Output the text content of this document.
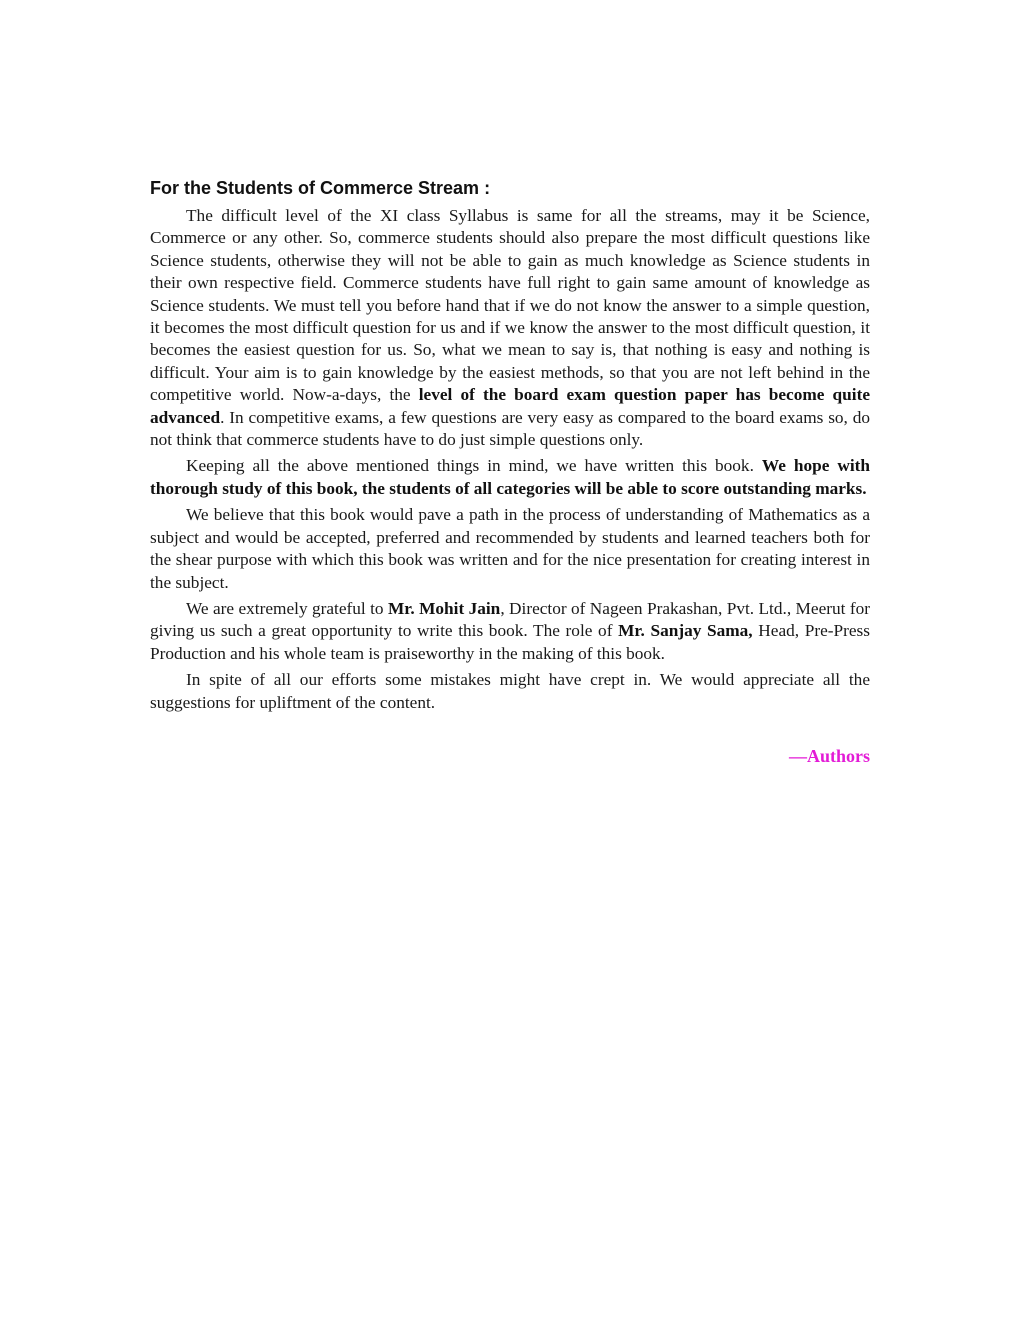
For the Students of Commerce Stream :

The difficult level of the XI class Syllabus is same for all the streams, may it be Science, Commerce or any other. So, commerce students should also prepare the most difficult questions like Science students, otherwise they will not be able to gain as much knowledge as Science students in their own respective field. Commerce students have full right to gain same amount of knowledge as Science students. We must tell you before hand that if we do not know the answer to a simple question, it becomes the most difficult question for us and if we know the answer to the most difficult question, it becomes the easiest question for us. So, what we mean to say is, that nothing is easy and nothing is difficult. Your aim is to gain knowledge by the easiest methods, so that you are not left behind in the competitive world. Now-a-days, the level of the board exam question paper has become quite advanced. In competitive exams, a few questions are very easy as compared to the board exams so, do not think that commerce students have to do just simple questions only.

Keeping all the above mentioned things in mind, we have written this book. We hope with thorough study of this book, the students of all categories will be able to score outstanding marks.

We believe that this book would pave a path in the process of understanding of Mathematics as a subject and would be accepted, preferred and recommended by students and learned teachers both for the shear purpose with which this book was written and for the nice presentation for creating interest in the subject.

We are extremely grateful to Mr. Mohit Jain, Director of Nageen Prakashan, Pvt. Ltd., Meerut for giving us such a great opportunity to write this book. The role of Mr. Sanjay Sama, Head, Pre-Press Production and his whole team is praiseworthy in the making of this book.

In spite of all our efforts some mistakes might have crept in. We would appreciate all the suggestions for upliftment of the content.

—Authors
